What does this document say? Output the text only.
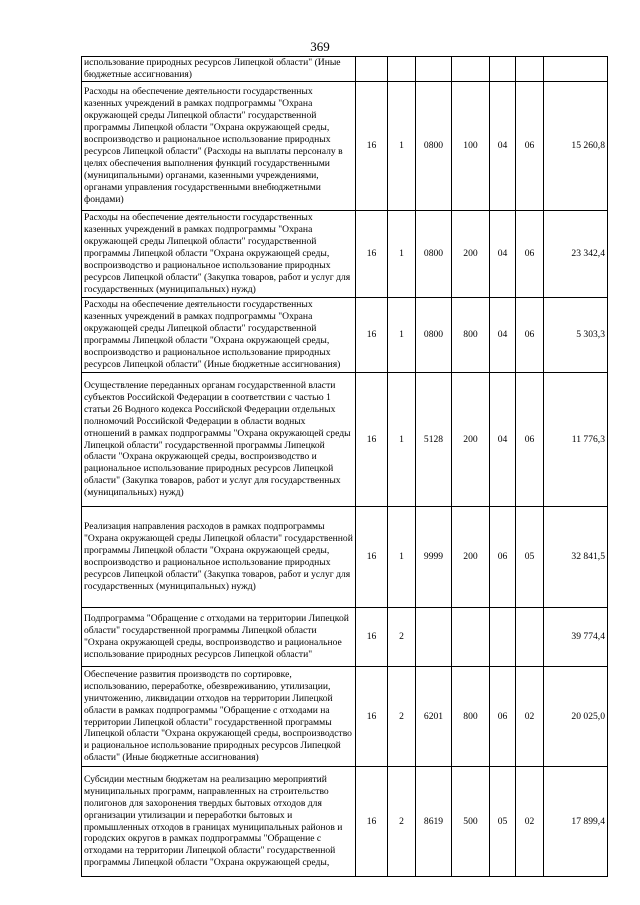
369
использование природных ресурсов Липецкой области" (Иные бюджетные ассигнования)							
Расходы на обеспечение деятельности государственных казенных учреждений в рамках подпрограммы "Охрана окружающей среды Липецкой области" государственной программы Липецкой области "Охрана окружающей среды, воспроизводство и рациональное использование природных ресурсов Липецкой области" (Расходы на выплаты персоналу в целях обеспечения выполнения функций государственными (муниципальными) органами, казенными учреждениями, органами управления государственными внебюджетными фондами)	16	1	0800	100	04	06	15 260,8
Расходы на обеспечение деятельности государственных казенных учреждений в рамках подпрограммы "Охрана окружающей среды Липецкой области" государственной программы Липецкой области "Охрана окружающей среды, воспроизводство и рациональное использование природных ресурсов Липецкой области" (Закупка товаров, работ и услуг для государственных (муниципальных) нужд)	16	1	0800	200	04	06	23 342,4
Расходы на обеспечение деятельности государственных казенных учреждений в рамках подпрограммы "Охрана окружающей среды Липецкой области" государственной программы Липецкой области "Охрана окружающей среды, воспроизводство и рациональное использование природных ресурсов Липецкой области" (Иные бюджетные ассигнования)	16	1	0800	800	04	06	5 303,3
Осуществление переданных органам государственной власти субъектов Российской Федерации в соответствии с частью 1 статьи 26 Водного кодекса Российской Федерации отдельных полномочий Российской Федерации в области водных отношений в рамках подпрограммы "Охрана окружающей среды Липецкой области" государственной программы Липецкой области "Охрана окружающей среды, воспроизводство и рациональное использование природных ресурсов Липецкой области" (Закупка товаров, работ и услуг для государственных (муниципальных) нужд)	16	1	5128	200	04	06	11 776,3
Реализация направления расходов в рамках подпрограммы "Охрана окружающей среды Липецкой области" государственной программы Липецкой области "Охрана окружающей среды, воспроизводство и рациональное использование природных ресурсов Липецкой области" (Закупка товаров, работ и услуг для государственных (муниципальных) нужд)	16	1	9999	200	06	05	32 841,5
Подпрограмма "Обращение с отходами на территории Липецкой области" государственной программы Липецкой области "Охрана окружающей среды, воспроизводство и рациональное использование природных ресурсов Липецкой области"	16	2					39 774,4
Обеспечение развития производств по сортировке, использованию, переработке, обезвреживанию, утилизации, уничтожению, ликвидации отходов на территории Липецкой области в рамках подпрограммы "Обращение с отходами на территории Липецкой области" государственной программы Липецкой области "Охрана окружающей среды, воспроизводство и рациональное использование природных ресурсов Липецкой области" (Иные бюджетные ассигнования)	16	2	6201	800	06	02	20 025,0
Субсидии местным бюджетам на реализацию мероприятий муниципальных программ, направленных на строительство полигонов для захоронения твердых бытовых отходов для организации утилизации и переработки бытовых и промышленных отходов в границах муниципальных районов и городских округов в рамках подпрограммы "Обращение с отходами на территории Липецкой области" государственной программы Липецкой области "Охрана окружающей среды,	16	2	8619	500	05	02	17 899,4
